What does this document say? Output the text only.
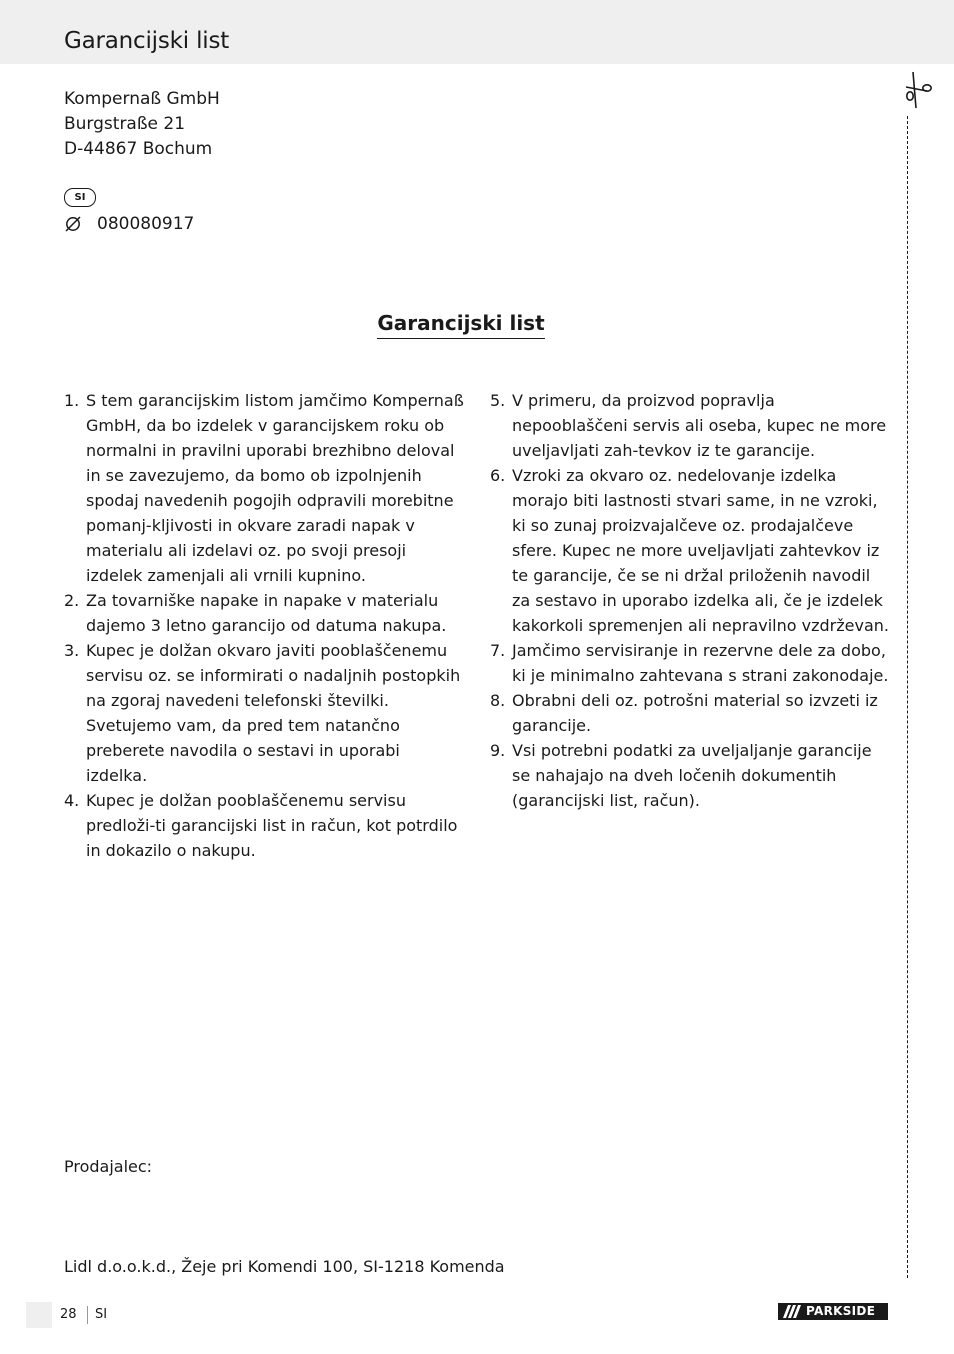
Garancijski list
Kompernaß GmbH
Burgstraße 21
D-44867 Bochum
SI
080080917
Garancijski list
1. S tem garancijskim listom jamčimo Kompernaß GmbH, da bo izdelek v garancijskem roku ob normalni in pravilni uporabi brezhibno deloval in se zavezujemo, da bomo ob izpolnjenih spodaj navedenih pogojih odpravili morebitne pomanj-kljivosti in okvare zaradi napak v materialu ali izdelavi oz. po svoji presoji izdelek zamenjali ali vrnili kupnino.
2. Za tovarniške napake in napake v materialu dajemo 3 letno garancijo od datuma nakupa.
3. Kupec je dolžan okvaro javiti pooblaščenemu servisu oz. se informirati o nadaljnih postopkih na zgoraj navedeni telefonski številki. Svetujemo vam, da pred tem natančno preberete navodila o sestavi in uporabi izdelka.
4. Kupec je dolžan pooblaščenemu servisu predloži-ti garancijski list in račun, kot potrdilo in dokazilo o nakupu.
5. V primeru, da proizvod popravlja nepooblaščeni servis ali oseba, kupec ne more uveljavljati zah-tevkov iz te garancije.
6. Vzroki za okvaro oz. nedelovanje izdelka morajo biti lastnosti stvari same, in ne vzroki, ki so zunaj proizvajalčeve oz. prodajalčeve sfere. Kupec ne more uveljavljati zahtevkov iz te garancije, če se ni držal priloženih navodil za sestavo in uporabo izdelka ali, če je izdelek kakorkoli spremenjen ali nepravilno vzdrževan.
7. Jamčimo servisiranje in rezervne dele za dobo, ki je minimalno zahtevana s strani zakonodaje.
8. Obrabni deli oz. potrošni material so izvzeti iz garancije.
9. Vsi potrebni podatki za uveljaljanje garancije se nahajajo na dveh ločenih dokumentih (garancijski list, račun).
Prodajalec:
Lidl d.o.o.k.d., Žeje pri Komendi 100, SI-1218 Komenda
28 SI	PARKSIDE
